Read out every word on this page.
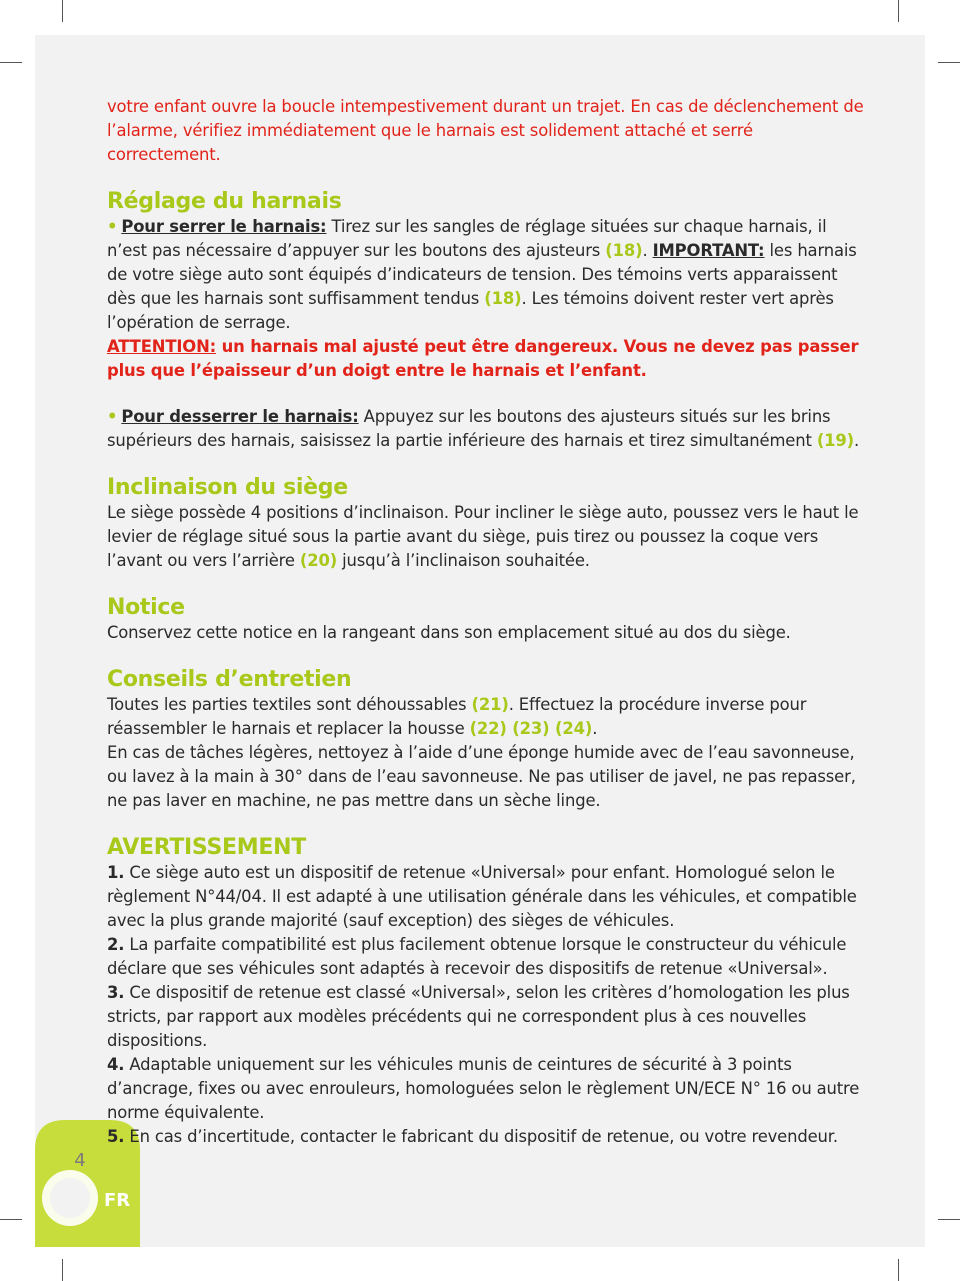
4
FR

votre enfant ouvre la boucle intempestivement durant un trajet. En cas de déclenchement de l’alarme, vérifiez immédiatement que le harnais est solidement attaché et serré correctement.

Réglage du harnais

• Pour serrer le harnais: Tirez sur les sangles de réglage situées sur chaque harnais, il n’est pas nécessaire d’appuyer sur les boutons des ajusteurs (18). IMPORTANT: les harnais de votre siège auto sont équipés d’indicateurs de tension. Des témoins verts apparaissent dès que les harnais sont suffisamment tendus (18). Les témoins doivent rester vert après l’opération de serrage.

ATTENTION: un harnais mal ajusté peut être dangereux. Vous ne devez pas passer plus que l’épaisseur d’un doigt entre le harnais et l’enfant.

• Pour desserrer le harnais: Appuyez sur les boutons des ajusteurs situés sur les brins supérieurs des harnais, saisissez la partie inférieure des harnais et tirez simultanément (19).

Inclinaison du siège

Le siège possède 4 positions d’inclinaison. Pour incliner le siège auto, poussez vers le haut le levier de réglage situé sous la partie avant du siège, puis tirez ou poussez la coque vers l’avant ou vers l’arrière (20) jusqu’à l’inclinaison souhaitée.

Notice

Conservez cette notice en la rangeant dans son emplacement situé au dos du siège.

Conseils d’entretien

Toutes les parties textiles sont déhoussables (21). Effectuez la procédure inverse pour réassembler le harnais et replacer la housse (22) (23) (24).

En cas de tâches légères, nettoyez à l’aide d’une éponge humide avec de l’eau savonneuse, ou lavez à la main à 30° dans de l’eau savonneuse. Ne pas utiliser de javel, ne pas repasser, ne pas laver en machine, ne pas mettre dans un sèche linge.

AVERTISSEMENT

1. Ce siège auto est un dispositif de retenue «Universal» pour enfant. Homologué selon le règlement N°44/04. Il est adapté à une utilisation générale dans les véhicules, et compatible avec la plus grande majorité (sauf exception) des sièges de véhicules.

2. La parfaite compatibilité est plus facilement obtenue lorsque le constructeur du véhicule déclare que ses véhicules sont adaptés à recevoir des dispositifs de retenue «Universal».

3. Ce dispositif de retenue est classé «Universal», selon les critères d’homologation les plus stricts, par rapport aux modèles précédents qui ne correspondent plus à ces nouvelles dispositions.

4. Adaptable uniquement sur les véhicules munis de ceintures de sécurité à 3 points d’ancrage, fixes ou avec enrouleurs, homologuées selon le règlement UN/ECE N° 16 ou autre norme équivalente.

5. En cas d’incertitude, contacter le fabricant du dispositif de retenue, ou votre revendeur.
